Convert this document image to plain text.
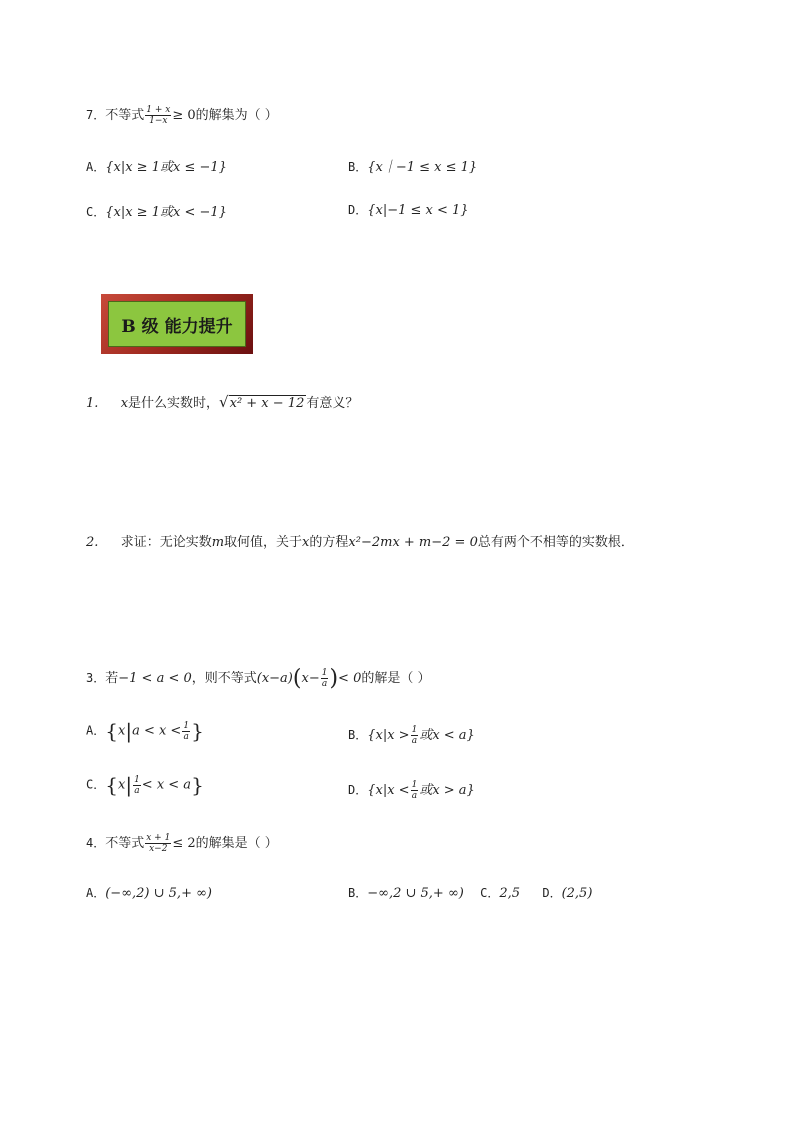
7．不等式 $\frac{1 + x}{1-x} \ge 0$的解集为（ ）
A．{x|x ≥ 1或x ≤ −1}	B．{x｜−1 ≤ x ≤ 1}
C．{x|x ≥ 1或x < −1}	D．{x|−1 ≤ x < 1}
B 级 能力提升
1. x是什么实数时，√x² + x − 12 有意义？
2. 求证：无论实数m取何值，关于x的方程x²−2mx + m−2 = 0总有两个不相等的实数根．
3．若−1 < a < 0，则不等式$(x-a)(x- \frac{1}{a}$ )< 0的解是（ ）
A．{$x|a < x < \frac{1}{a}$ }	B．{$x|x > \frac{1}{a}$ 或x < a}
C．$\{x| \frac{1}{a} < x < a\}$	D．{$x|x < \frac{1}{a}$ 或x > a}
4．不等式 $\frac{x + 1}{x-2} \le 2$的解集是（ ）
A．(−∞,2) ∪ 5,+ ∞)	B．−∞,2 ∪ 5,+ ∞) C．2,5 D．(2,5)
